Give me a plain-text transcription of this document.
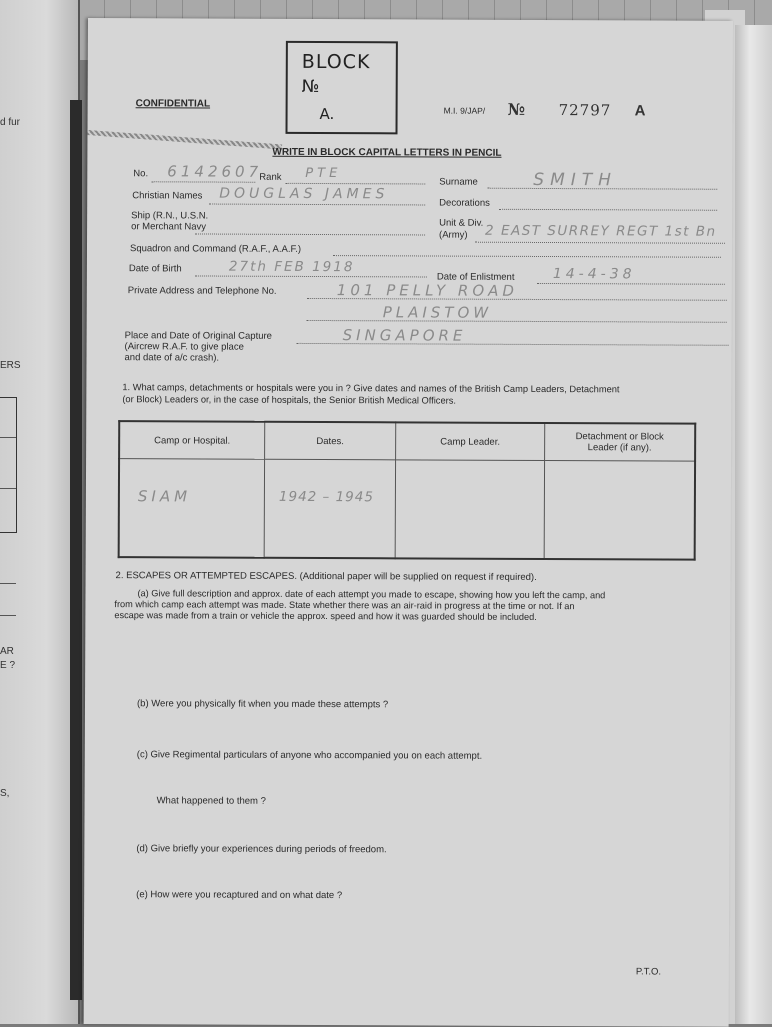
d fur
ERS
AR
E ?
S,
CONFIDENTIAL
BLOCK
№
A.	M.I. 9/JAP/ № 72797 A
WRITE IN BLOCK CAPITAL LETTERS IN PENCIL
No. 6142607
Rank PTE
Surname	SMITH
Christian Names DOUGLAS JAMES
Decorations
Ship (R.N., U.S.N.
or Merchant Navy	Unit & Div.
(Army) 2 EAST SURREY REGT 1st Bn
Squadron and Command (R.A.F., A.A.F.)
Date of Birth	27th FEB 1918
Date of Enlistment	14-4-38
Private Address and Telephone No.	101 PELLY ROAD
PLAISTOW
Place and Date of Original Capture
(Aircrew R.A.F. to give place
and date of a/c crash).
SINGAPORE
1. What camps, detachments or hospitals were you in ? Give dates and names of the British Camp Leaders, Detachment
(or Block) Leaders or, in the case of hospitals, the Senior British Medical Officers.
Camp or Hospital.	Dates.	Camp Leader.	Detachment or Block Leader (if any).
SIAM	1942 – 1945		
2. ESCAPES OR ATTEMPTED ESCAPES. (Additional paper will be supplied on request if required).
(a) Give full description and approx. date of each attempt you made to escape, showing how you left the camp, and
from which camp each attempt was made. State whether there was an air-raid in progress at the time or not. If an
escape was made from a train or vehicle the approx. speed and how it was guarded should be included.
(b) Were you physically fit when you made these attempts ?
(c) Give Regimental particulars of anyone who accompanied you on each attempt.
What happened to them ?
(d) Give briefly your experiences during periods of freedom.
(e) How were you recaptured and on what date ?
P.T.O.
